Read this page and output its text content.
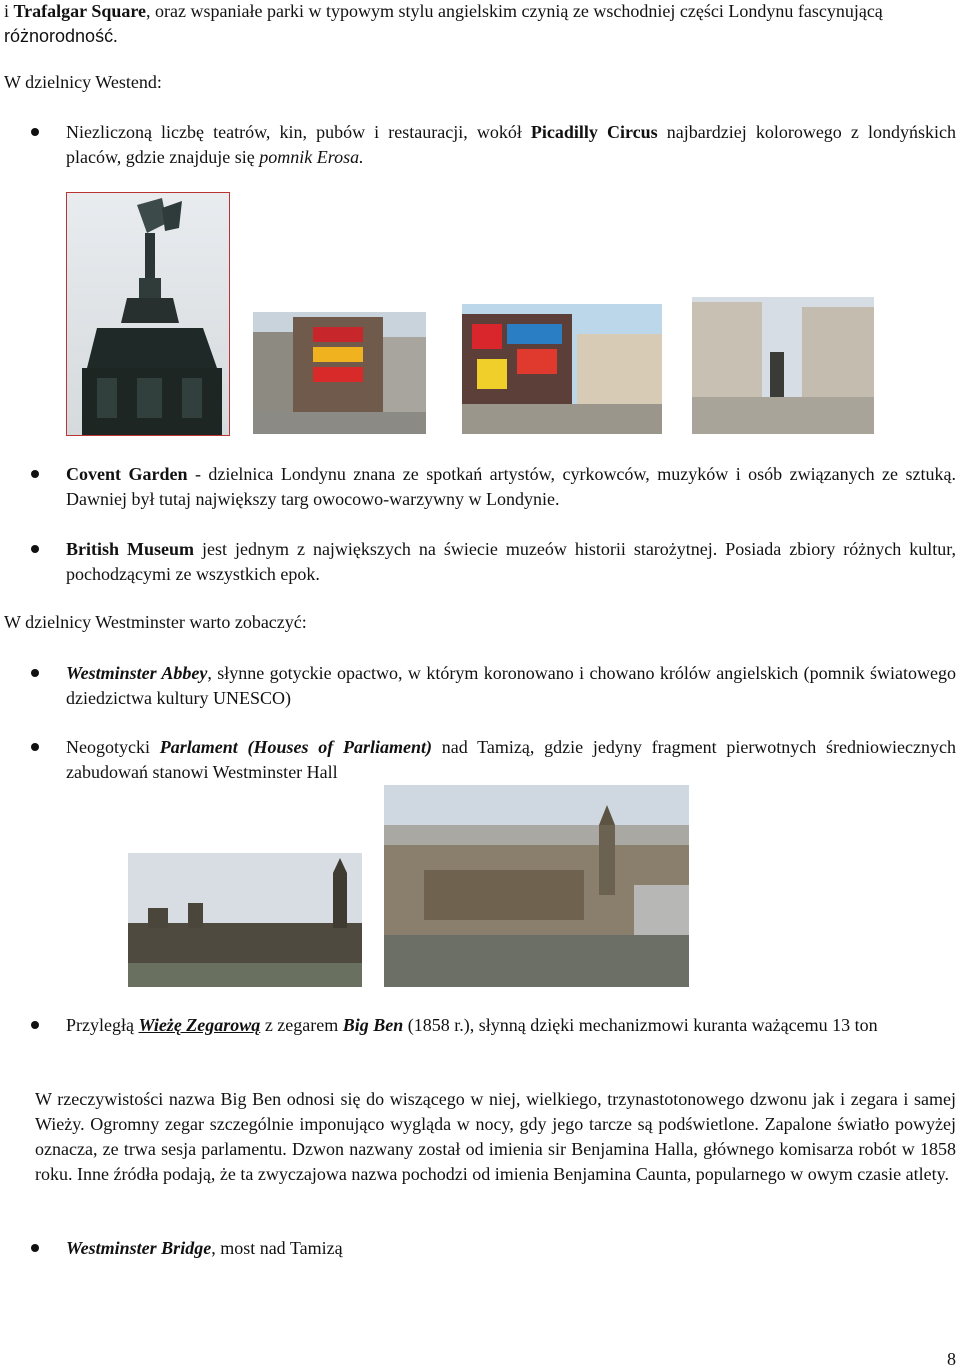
i Trafalgar Square, oraz wspaniałe parki w typowym stylu angielskim czynią ze wschodniej części Londynu fascynującą różnorodność.
W dzielnicy Westend:
Niezliczoną liczbę teatrów, kin, pubów i restauracji, wokół Picadilly Circus najbardziej kolorowego z londyńskich placów, gdzie znajduje się pomnik Erosa.
Covent Garden - dzielnica Londynu znana ze spotkań artystów, cyrkowców, muzyków i osób związanych ze sztuką. Dawniej był tutaj największy targ owocowo-warzywny w Londynie.
British Museum jest jednym z największych na świecie muzeów historii starożytnej. Posiada zbiory różnych kultur, pochodzącymi ze wszystkich epok.
W dzielnicy Westminster warto zobaczyć:
Westminster Abbey, słynne gotyckie opactwo, w którym koronowano i chowano królów angielskich (pomnik światowego dziedzictwa kultury UNESCO)
Neogotycki Parlament (Houses of Parliament) nad Tamizą, gdzie jedyny fragment pierwotnych średniowiecznych zabudowań stanowi Westminster Hall
Przyległą Wieżę Zegarową z zegarem Big Ben (1858 r.), słynną dzięki mechanizmowi kuranta ważącemu 13 ton
W rzeczywistości nazwa Big Ben odnosi się do wiszącego w niej, wielkiego, trzynastotonowego dzwonu jak i zegara i samej Wieży. Ogromny zegar szczególnie imponująco wygląda w nocy, gdy jego tarcze są podświetlone. Zapalone światło powyżej oznacza, ze trwa sesja parlamentu. Dzwon nazwany został od imienia sir Benjamina Halla, głównego komisarza robót w 1858 roku. Inne źródła podają, że ta zwyczajowa nazwa pochodzi od imienia Benjamina Caunta, popularnego w owym czasie atlety.
Westminster Bridge, most nad Tamizą
8
